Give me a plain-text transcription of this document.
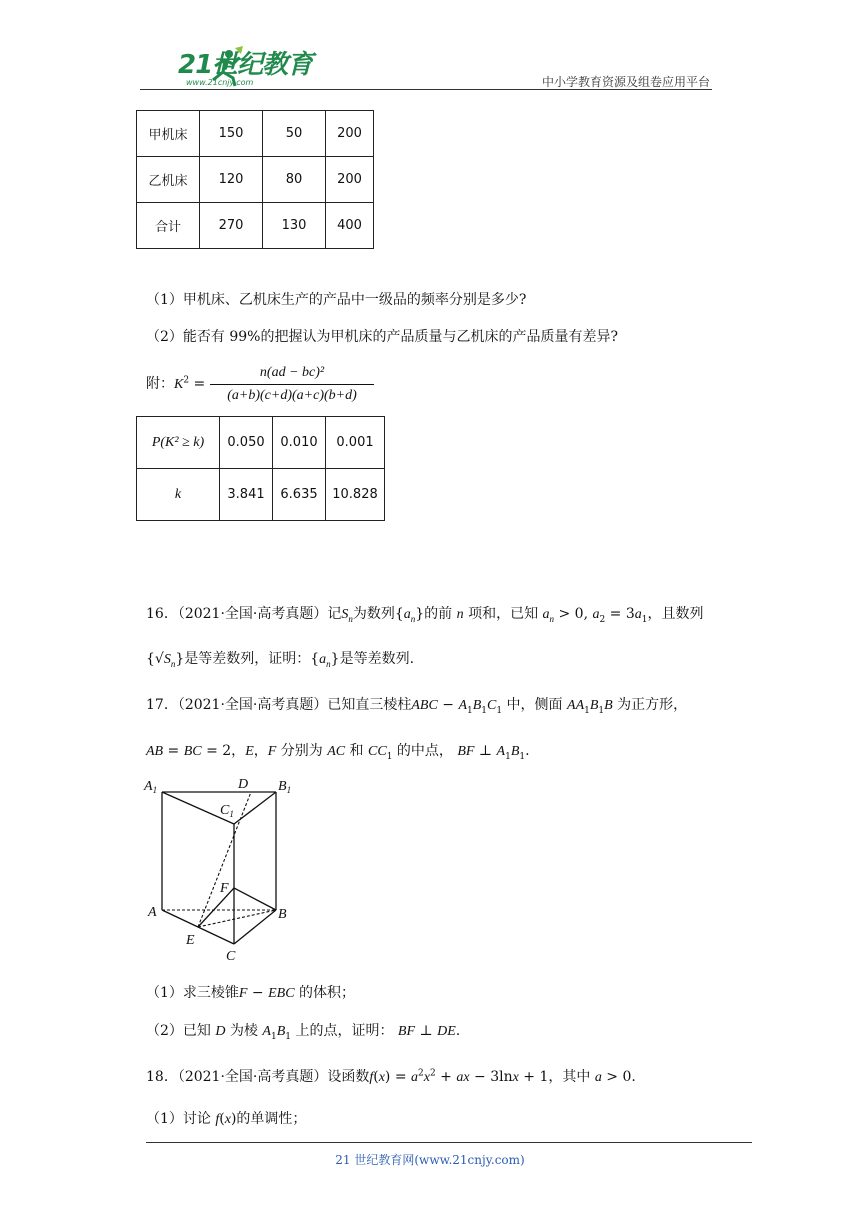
21世纪教育
www.21cnjy.com	中小学教育资源及组卷应用平台
甲机床	150	50	200
乙机床	120	80	200
合计	270	130	400
（1）甲机床、乙机床生产的产品中一级品的频率分别是多少?
（2）能否有 99%的把握认为甲机床的产品质量与乙机床的产品质量有差异?
附：$K^2 = \frac{\text{n(ad − bc)²}}{(a+b)(c+d)(a+c)(b+d)}$
P(K² ≥ k)	0.050	0.010	0.001
k	3.841	6.635	10.828
16．（2021·全国·高考真题）记$S_n$为数列$\{a_n\}$的前 n 项和，已知 $a_n > 0$, $a_2 = 3a_1$，且数列
$\{√S_n\}$是等差数列，证明：$\{a_n\}$是等差数列.
17．（2021·全国·高考真题）已知直三棱柱ABC − $A_1B_1C_1$ 中，侧面 $AA_1B_1B$ 为正方形，
AB = BC = 2，E，F 分别为 AC 和 $CC_1$ 的中点， BF ⊥ $A_1B_1$.
$A_1$	D $B_1$
$C_1$
F
A	B
E
C
（1）求三棱锥F − EBC 的体积；
（2）已知 D 为棱 $A_1B_1$ 上的点，证明： BF ⊥ DE.
18．（2021·全国·高考真题）设函数$f(x) = a^2x^2$ + ax − 3lnx + 1，其中 a > 0.
（1）讨论 f(x)的单调性；
21 世纪教育网(www.21cnjy.com)
